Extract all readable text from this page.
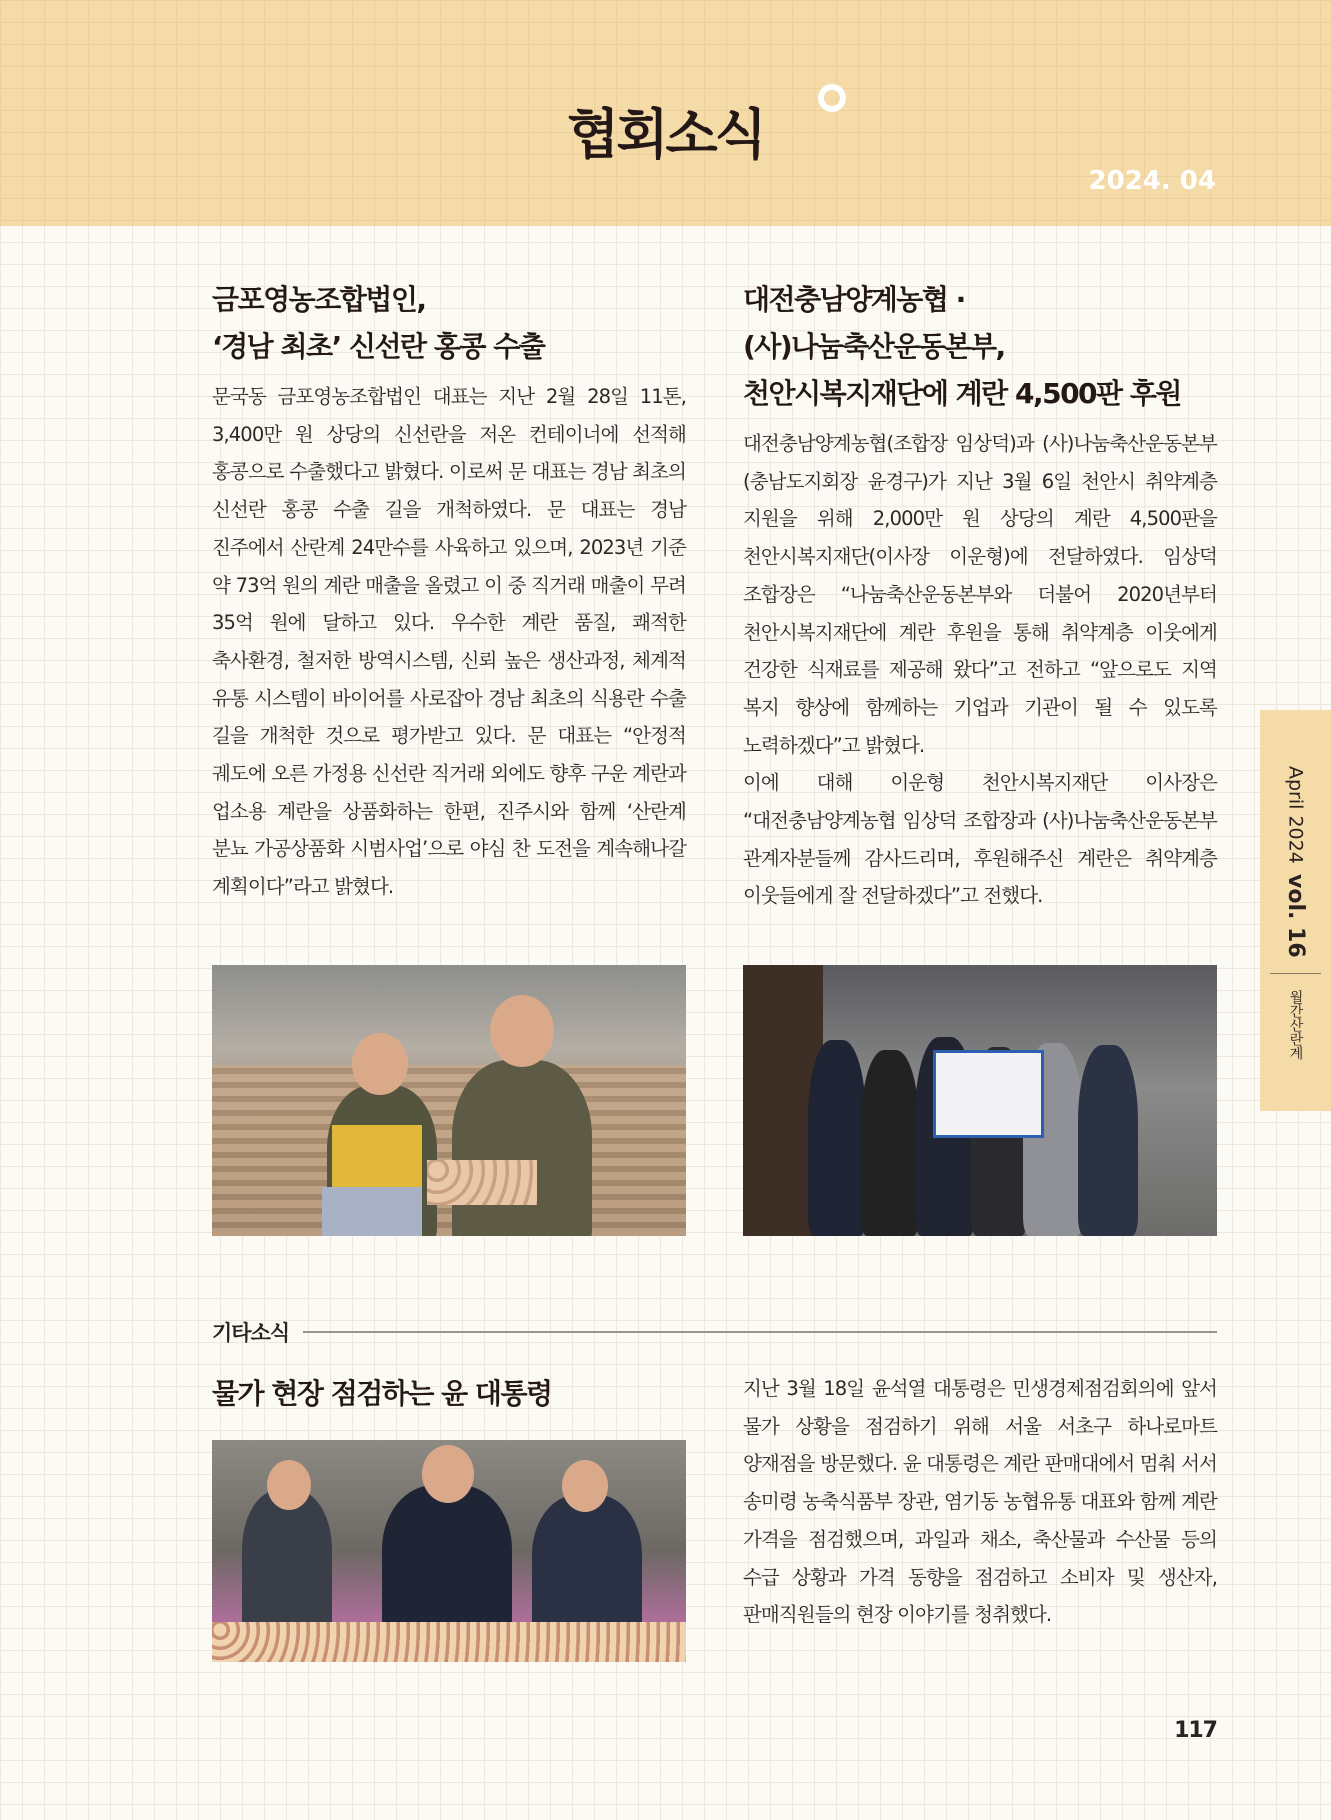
협회소식
2024. 04

금포영농조합법인,

‘경남 최초’ 신선란 홍콩 수출

문국동 금포영농조합법인 대표는 지난 2월 28일 11톤, 3,400만 원 상당의 신선란을 저온 컨테이너에 선적해 홍콩으로 수출했다고 밝혔다. 이로써 문 대표는 경남 최초의 신선란 홍콩 수출 길을 개척하였다. 문 대표는 경남 진주에서 산란계 24만수를 사육하고 있으며, 2023년 기준 약 73억 원의 계란 매출을 올렸고 이 중 직거래 매출이 무려 35억 원에 달하고 있다. 우수한 계란 품질, 쾌적한 축사환경, 철저한 방역시스템, 신뢰 높은 생산과정, 체계적 유통 시스템이 바이어를 사로잡아 경남 최초의 식용란 수출 길을 개척한 것으로 평가받고 있다. 문 대표는 “안정적 궤도에 오른 가정용 신선란 직거래 외에도 향후 구운 계란과 업소용 계란을 상품화하는 한편, 진주시와 함께 ‘산란계 분뇨 가공상품화 시범사업’으로 야심 찬 도전을 계속해나갈 계획이다”라고 밝혔다.

대전충남양계농협 ·

(사)나눔축산운동본부,

천안시복지재단에 계란 4,500판 후원

대전충남양계농협(조합장 임상덕)과 (사)나눔축산운동본부 (충남도지회장 윤경구)가 지난 3월 6일 천안시 취약계층 지원을 위해 2,000만 원 상당의 계란 4,500판을 천안시복지재단(이사장 이운형)에 전달하였다. 임상덕 조합장은 “나눔축산운동본부와 더불어 2020년부터 천안시복지재단에 계란 후원을 통해 취약계층 이웃에게 건강한 식재료를 제공해 왔다”고 전하고 “앞으로도 지역 복지 향상에 함께하는 기업과 기관이 될 수 있도록 노력하겠다”고 밝혔다.

이에 대해 이운형 천안시복지재단 이사장은 “대전충남양계농협 임상덕 조합장과 (사)나눔축산운동본부 관계자분들께 감사드리며, 후원해주신 계란은 취약계층 이웃들에게 잘 전달하겠다”고 전했다.

기타소식

물가 현장 점검하는 윤 대통령	지난 3월 18일 윤석열 대통령은 민생경제점검회의에 앞서 물가 상황을 점검하기 위해 서울 서초구 하나로마트 양재점을 방문했다. 윤 대통령은 계란 판매대에서 멈춰 서서 송미령 농축식품부 장관, 염기동 농협유통 대표와 함께 계란 가격을 점검했으며, 과일과 채소, 축산물과 수산물 등의 수급 상황과 가격 동향을 점검하고 소비자 및 생산자, 판매직원들의 현장 이야기를 청취했다.

117
April 2024
vol. 16
월간산란계
